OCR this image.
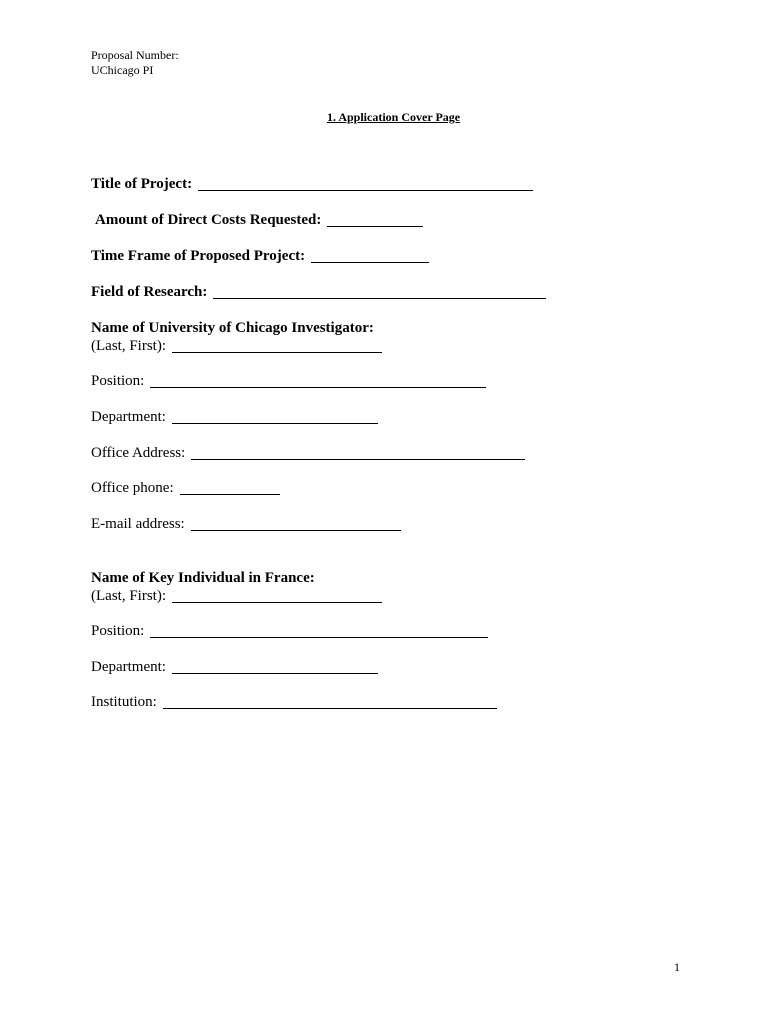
Proposal Number:
UChicago PI
1. Application Cover Page
Title of Project:
Amount of Direct Costs Requested:
Time Frame of Proposed Project:
Field of Research:
Name of University of Chicago Investigator:
(Last, First):
Position:
Department:
Office Address:
Office phone:
E-mail address:
Name of Key Individual in France:
(Last, First):
Position:
Department:
Institution:
1
